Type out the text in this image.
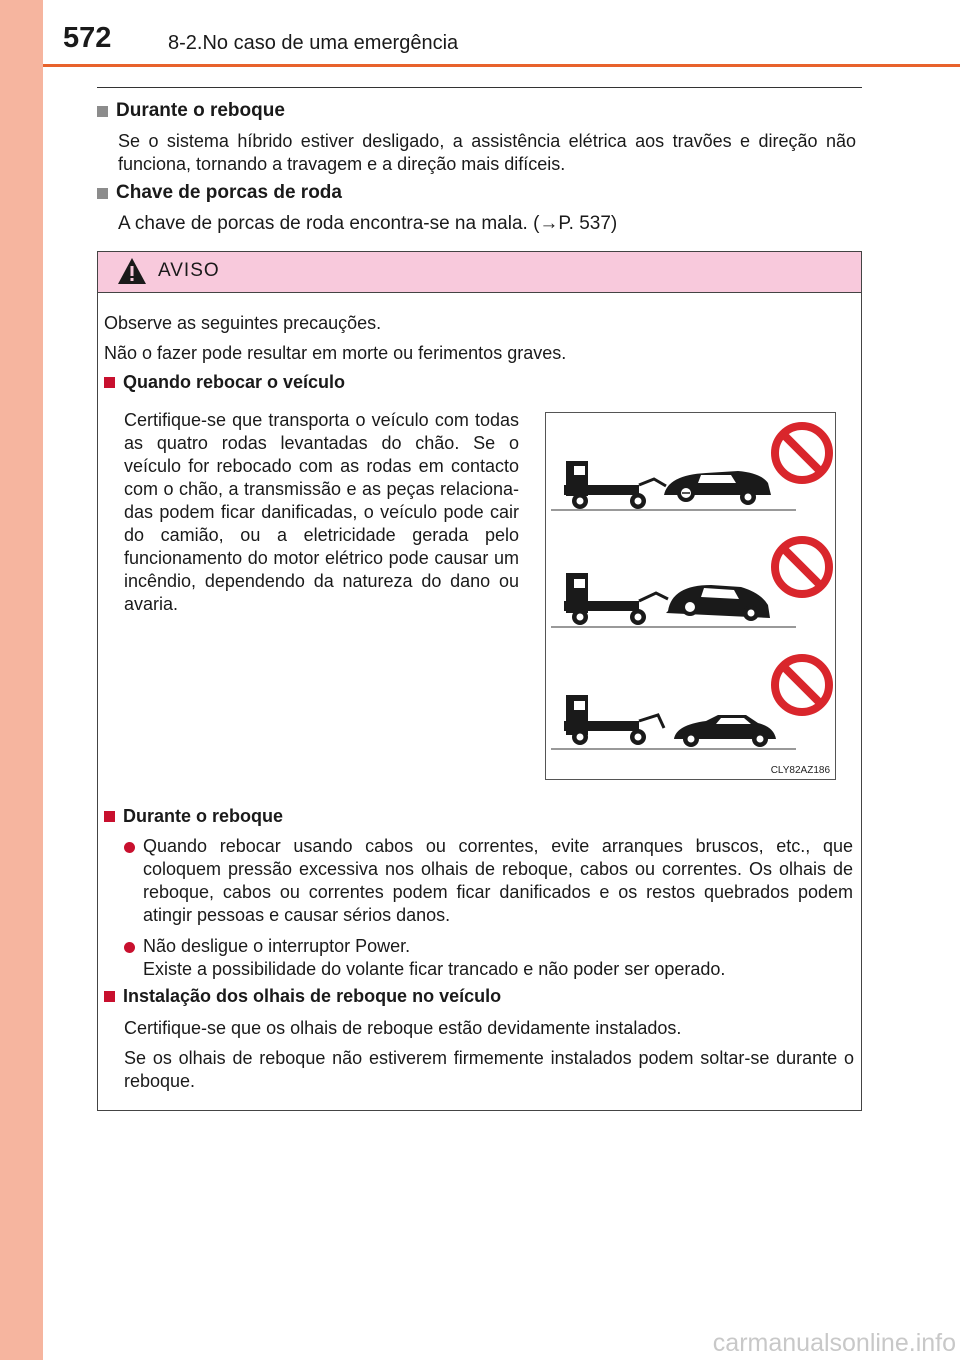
572	8-2.No caso de uma emergência
Durante o reboque
Se o sistema híbrido estiver desligado, a assistência elétrica aos travões e direção não funciona, tornando a travagem e a direção mais difíceis.
Chave de porcas de roda
A chave de porcas de roda encontra-se na mala. (→P. 537)
AVISO
Observe as seguintes precauções.
Não o fazer pode resultar em morte ou ferimentos graves.
Quando rebocar o veículo
Certifique-se que transporta o veículo com todas as quatro rodas levantadas do chão. Se o veículo for rebocado com as rodas em contacto com o chão, a transmissão e as peças relaciona-das podem ficar danificadas, o veículo pode cair do camião, ou a eletricidade gerada pelo funcionamento do motor elétrico pode causar um incêndio, dependendo da natureza do dano ou avaria.
CLY82AZ186
Durante o reboque
Quando rebocar usando cabos ou correntes, evite arranques bruscos, etc., que coloquem pressão excessiva nos olhais de reboque, cabos ou correntes. Os olhais de reboque, cabos ou correntes podem ficar danificados e os restos quebrados podem atingir pessoas e causar sérios danos.
Não desligue o interruptor Power.
Existe a possibilidade do volante ficar trancado e não poder ser operado.
Instalação dos olhais de reboque no veículo
Certifique-se que os olhais de reboque estão devidamente instalados.
Se os olhais de reboque não estiverem firmemente instalados podem soltar-se durante o reboque.
carmanualsonline.info
